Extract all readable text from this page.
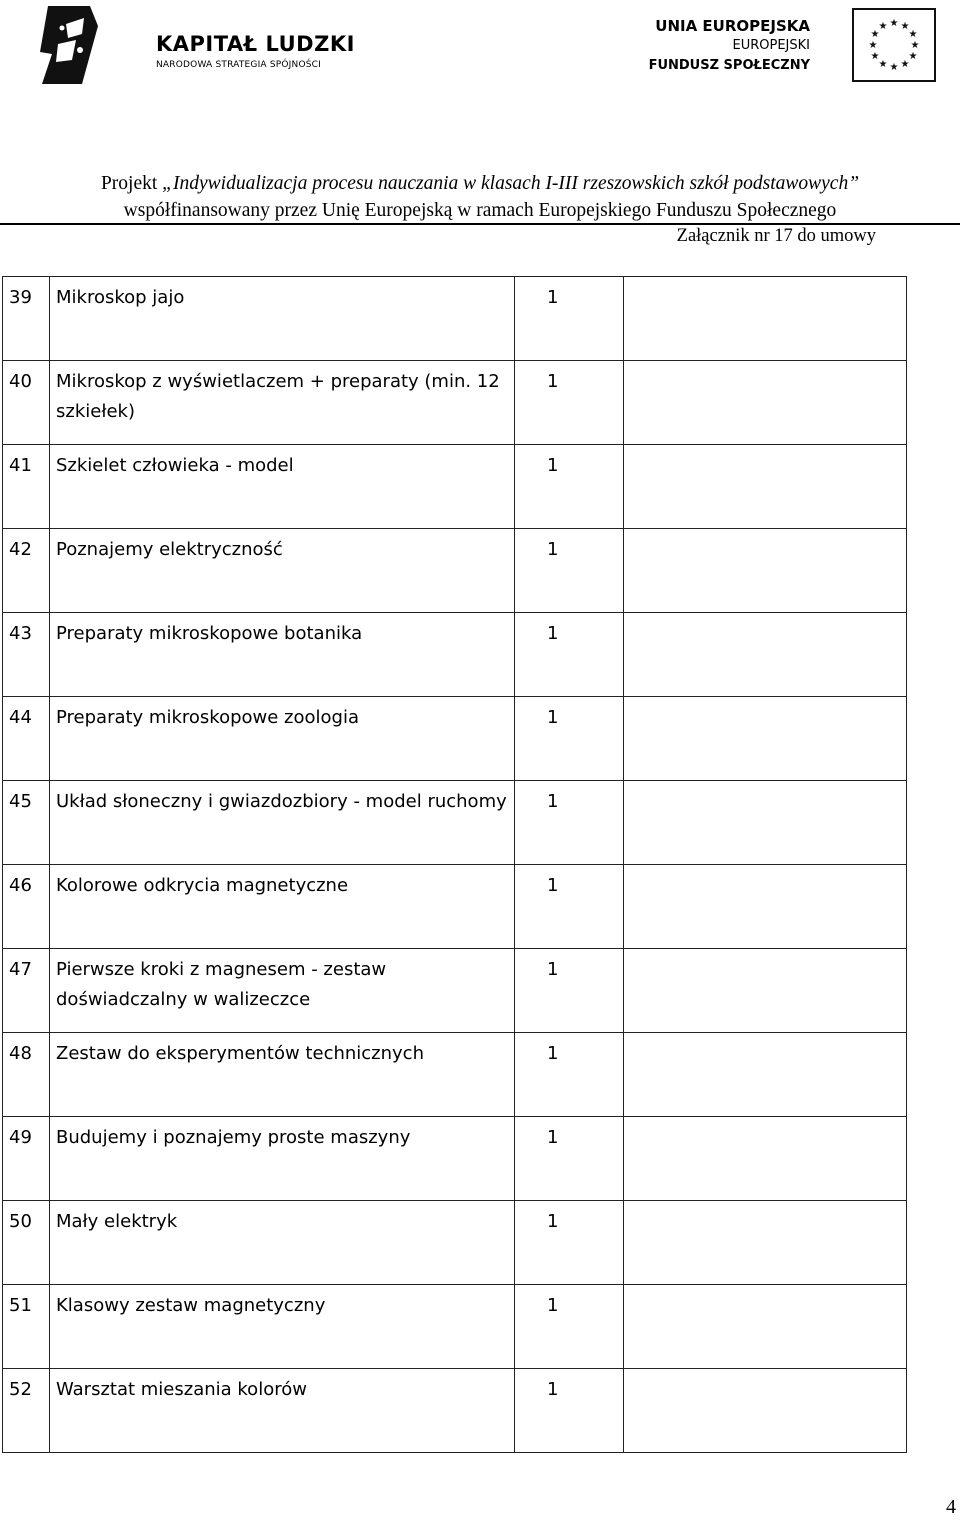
KAPITAŁ LUDZKI
NARODOWA STRATEGIA SPÓJNOŚCI
UNIA EUROPEJSKA
EUROPEJSKI
FUNDUSZ SPOŁECZNY
★ ★
★
★
★
★
★
★
★
★
★
★
Projekt „Indywidualizacja procesu nauczania w klasach I-III rzeszowskich szkół podstawowych”
współfinansowany przez Unię Europejską w ramach Europejskiego Funduszu Społecznego
Załącznik nr 17 do umowy
39	Mikroskop jajo	1	
40	Mikroskop z wyświetlaczem + preparaty (min. 12 szkiełek)	1	
41	Szkielet człowieka - model	1	
42	Poznajemy elektryczność	1	
43	Preparaty mikroskopowe botanika	1	
44	Preparaty mikroskopowe zoologia	1	
45	Układ słoneczny i gwiazdozbiory - model ruchomy	1	
46	Kolorowe odkrycia magnetyczne	1	
47	Pierwsze kroki z magnesem - zestaw doświadczalny w walizeczce	1	
48	Zestaw do eksperymentów technicznych	1	
49	Budujemy i poznajemy proste maszyny	1	
50	Mały elektryk	1	
51	Klasowy zestaw magnetyczny	1	
52	Warsztat mieszania kolorów	1	
4
